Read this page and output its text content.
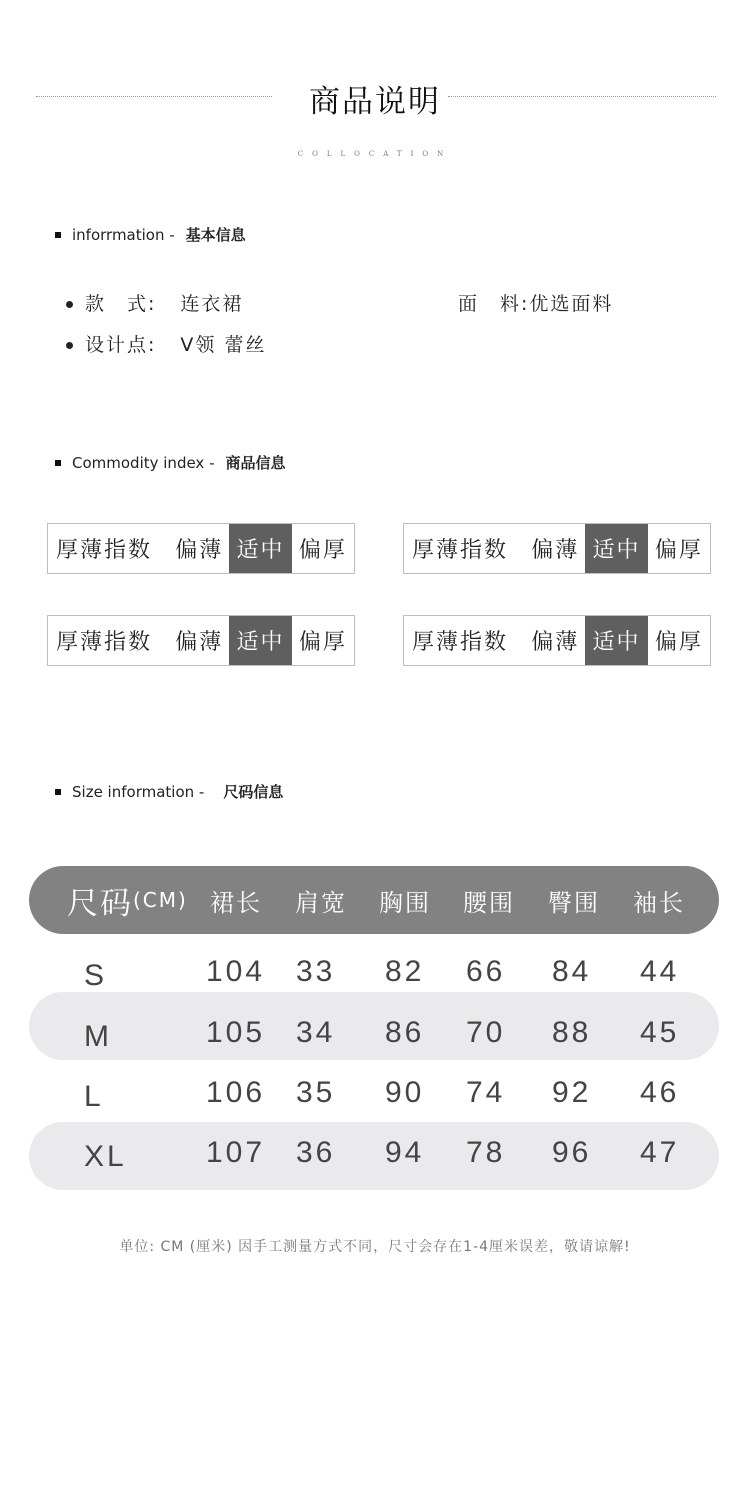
商品说明
COLLOCATION
inforrmation - 基本信息
款　式: 连衣裙	面　料:优选面料
设计点: V领 蕾丝
Commodity index - 商品信息
厚薄指数	偏薄 适中 偏厚	厚薄指数	偏薄 适中 偏厚
厚薄指数	偏薄 适中 偏厚	厚薄指数	偏薄 适中 偏厚
Size information - 尺码信息
尺码 (CM) 裙长 肩宽 胸围 腰围 臀围 袖长
S	104 33 82 66 84 44
M	105 34 86 70 88 45
L	106 35 90 74 92 46
XL	107 36 94 78 96 47
单位: CM (厘米) 因手工测量方式不同，尺寸会存在1-4厘米误差，敬请谅解!
